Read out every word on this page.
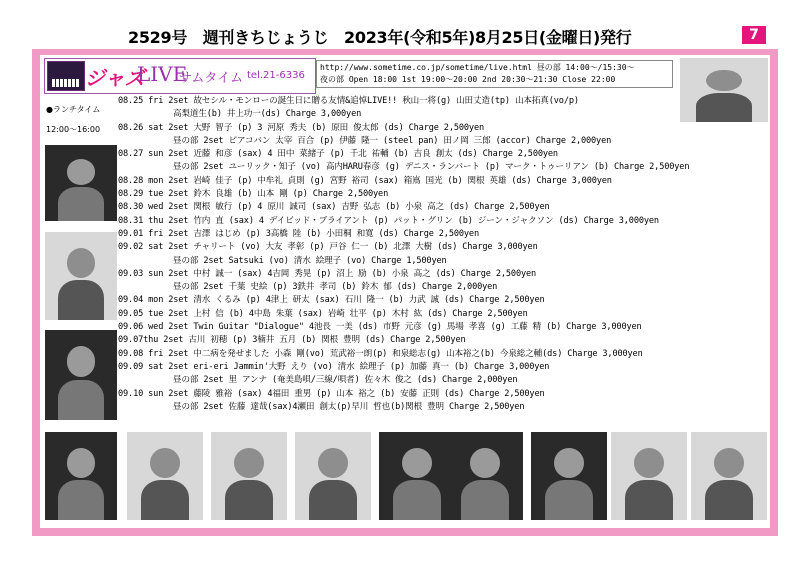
2529号　週刊きちじょうじ　2023年(令和5年)8月25日(金曜日)発行	7
ジャズ
LIVE
サムタイム tel.21-6336
http://www.sometime.co.jp/sometime/live.html 昼の部 14:00～/15:30～
夜の部 Open 18:00 1st 19:00～20:00 2nd 20:30～21:30 Close 22:00
●ランチタイム
12:00～16:00
08.25 fri 2set 故セシル・モンローの誕生日に贈る友情&追悼LIVE!! 秋山一将(g) 山田丈造(tp) 山本拓真(vo/p)
高梨道生(b) 井上功一(ds) Charge 3,000yen
08.26 sat 2set 大野 智子 (p) 3 河原 秀夫 (b) 原田 俊太郎 (ds) Charge 2,500yen
昼の部 2set ピアコバン 太宰 百合 (p) 伊藤 隆一 (steel pan) 田ノ岡 三郎 (accor) Charge 2,000yen
08.27 sun 2set 近藤 和彦 (sax) 4 田中 菜緒子 (p) 千北 祐輔 (b) 吉良 創太 (ds) Charge 2,500yen
昼の部 2set ユーリック・知子 (vo) 高内HARU春彦 (g) デニス・ランバート (p) マーク・トゥーリアン (b) Charge 2,500yen
08.28 mon 2set 岩崎 佳子 (p) 中牟礼 貞則 (g) 宮野 裕司 (sax) 箱嶌 国光 (b) 関根 英雄 (ds) Charge 3,000yen
08.29 tue 2set 鈴木 良雄 (b) 山本 剛 (p) Charge 2,500yen
08.30 wed 2set 関根 敏行 (p) 4 原川 誠司 (sax) 吉野 弘志 (b) 小泉 高之 (ds) Charge 2,500yen
08.31 thu 2set 竹内 直 (sax) 4 デイビッド・ブライアント (p) パット・グリン (b) ジーン・ジャクソン (ds) Charge 3,000yen
09.01 fri 2set 吉澤 はじめ (p) 3高橋 陸 (b) 小田桐 和寛 (ds) Charge 2,500yen
09.02 sat 2set チャリート (vo) 大友 孝彰 (p) 戸谷 仁一 (b) 北澤 大樹 (ds) Charge 3,000yen
昼の部 2set Satsuki (vo) 清水 絵理子 (vo) Charge 1,500yen
09.03 sun 2set 中村 誠一 (sax) 4吉岡 秀晃 (p) 沼上 励 (b) 小泉 高之 (ds) Charge 2,500yen
昼の部 2set 千葉 史絵 (p) 3鉄井 孝司 (b) 鈴木 郁 (ds) Charge 2,000yen
09.04 mon 2set 清水 くるみ (p) 4津上 研太 (sax) 石川 隆一 (b) 力武 誠 (ds) Charge 2,500yen
09.05 tue 2set 上村 信 (b) 4中島 朱葉 (sax) 岩崎 壮平 (p) 木村 紘 (ds) Charge 2,500yen
09.06 wed 2set Twin Guitar "Dialogue" 4池長 一美 (ds) 市野 元彦 (g) 馬場 孝喜 (g) 工藤 精 (b) Charge 3,000yen
09.07thu 2set 古川 初穂 (p) 3楠井 五月 (b) 関根 豊明 (ds) Charge 2,500yen
09.08 fri 2set 中二病を発せました 小森 剛(vo) 荒武裕一朗(p) 和泉総志(g) 山本裕之(b) 今泉総之輔(ds) Charge 3,000yen
09.09 sat 2set eri-eri Jammin'大野 えり (vo) 清水 絵理子 (p) 加藤 真一 (b) Charge 3,000yen
昼の部 2set 里 アンナ (奄美島唄/三線/唄者) 佐々木 俊之 (ds) Charge 2,000yen
09.10 sun 2set 藤陵 雅裕 (sax) 4福田 重男 (p) 山本 裕之 (b) 安藤 正則 (ds) Charge 2,500yen
昼の部 2set 佐藤 達哉(sax)4瀬田 創太(p)早川 哲也(b)関根 豊明 Charge 2,500yen
